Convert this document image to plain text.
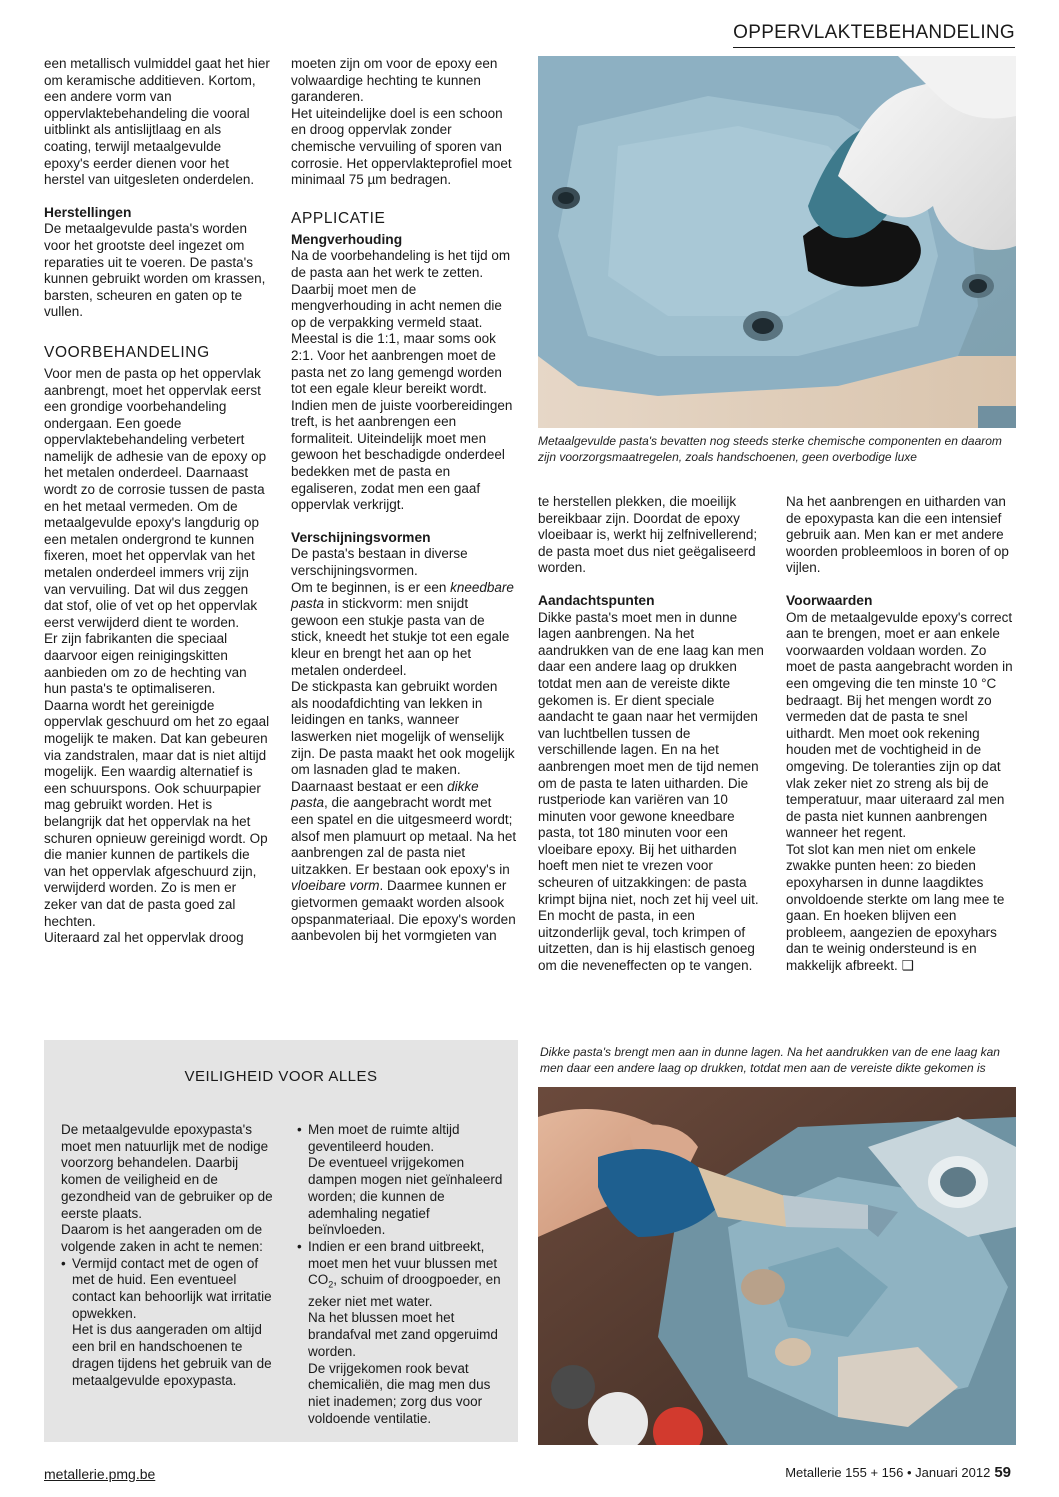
OPPERVLAKTEBEHANDELING

een metallisch vulmiddel gaat het hier om keramische additieven. Kortom, een andere vorm van oppervlaktebehandeling die vooral uitblinkt als antislijtlaag en als coating, terwijl metaalgevulde epoxy's eerder dienen voor het herstel van uitgesleten onderdelen.

Herstellingen

De metaalgevulde pasta's worden voor het grootste deel ingezet om reparaties uit te voeren. De pasta's kunnen gebruikt worden om krassen, barsten, scheuren en gaten op te vullen.

VOORBEHANDELING

Voor men de pasta op het oppervlak aanbrengt, moet het oppervlak eerst een grondige voorbehandeling ondergaan. Een goede oppervlaktebehandeling verbetert namelijk de adhesie van de epoxy op het metalen onderdeel. Daarnaast wordt zo de corrosie tussen de pasta en het metaal vermeden. Om de metaalgevulde epoxy's langdurig op een metalen ondergrond te kunnen fixeren, moet het oppervlak van het metalen onderdeel immers vrij zijn van vervuiling. Dat wil dus zeggen dat stof, olie of vet op het oppervlak eerst verwijderd dient te worden.

Er zijn fabrikanten die speciaal daarvoor eigen reinigingskitten aanbieden om zo de hechting van hun pasta's te optimaliseren.

Daarna wordt het gereinigde oppervlak geschuurd om het zo egaal mogelijk te maken. Dat kan gebeuren via zandstralen, maar dat is niet altijd mogelijk. Een waardig alternatief is een schuurspons. Ook schuurpapier mag gebruikt worden. Het is belangrijk dat het oppervlak na het schuren opnieuw gereinigd wordt. Op die manier kunnen de partikels die van het oppervlak afgeschuurd zijn, verwijderd worden. Zo is men er zeker van dat de pasta goed zal hechten.

Uiteraard zal het oppervlak droog

moeten zijn om voor de epoxy een volwaardige hechting te kunnen garanderen.

Het uiteindelijke doel is een schoon en droog oppervlak zonder chemische vervuiling of sporen van corrosie. Het oppervlakteprofiel moet minimaal 75 µm bedragen.

APPLICATIE
Mengverhouding

Na de voorbehandeling is het tijd om de pasta aan het werk te zetten. Daarbij moet men de mengverhouding in acht nemen die op de verpakking vermeld staat. Meestal is die 1:1, maar soms ook 2:1. Voor het aanbrengen moet de pasta net zo lang gemengd worden tot een egale kleur bereikt wordt.

Indien men de juiste voorbereidingen treft, is het aanbrengen een formaliteit. Uiteindelijk moet men gewoon het beschadigde onderdeel bedekken met de pasta en egaliseren, zodat men een gaaf oppervlak verkrijgt.

Verschijningsvormen

De pasta's bestaan in diverse verschijningsvormen.

Om te beginnen, is er een kneedbare pasta in stickvorm: men snijdt gewoon een stukje pasta van de stick, kneedt het stukje tot een egale kleur en brengt het aan op het metalen onderdeel.

De stickpasta kan gebruikt worden als noodafdichting van lekken in leidingen en tanks, wanneer laswerken niet mogelijk of wenselijk zijn. De pasta maakt het ook mogelijk om lasnaden glad te maken. Daarnaast bestaat er een dikke pasta, die aangebracht wordt met een spatel en die uitgesmeerd wordt; alsof men plamuurt op metaal. Na het aanbrengen zal de pasta niet uitzakken. Er bestaan ook epoxy's in vloeibare vorm. Daarmee kunnen er gietvormen gemaakt worden alsook opspanmateriaal. Die epoxy's worden aanbevolen bij het vormgieten van

Metaalgevulde pasta's bevatten nog steeds sterke chemische componenten en daarom zijn voorzorgsmaatregelen, zoals handschoenen, geen overbodige luxe

te herstellen plekken, die moeilijk bereikbaar zijn. Doordat de epoxy vloeibaar is, werkt hij zelfnivellerend; de pasta moet dus niet geëgaliseerd worden.

Aandachtspunten

Dikke pasta's moet men in dunne lagen aanbrengen. Na het aandrukken van de ene laag kan men daar een andere laag op drukken totdat men aan de vereiste dikte gekomen is. Er dient speciale aandacht te gaan naar het vermijden van luchtbellen tussen de verschillende lagen. En na het aanbrengen moet men de tijd nemen om de pasta te laten uitharden. Die rustperiode kan variëren van 10 minuten voor gewone kneedbare pasta, tot 180 minuten voor een vloeibare epoxy. Bij het uitharden hoeft men niet te vrezen voor scheuren of uitzakkingen: de pasta krimpt bijna niet, noch zet hij veel uit. En mocht de pasta, in een uitzonderlijk geval, toch krimpen of uitzetten, dan is hij elastisch genoeg om die neveneffecten op te vangen.

Na het aanbrengen en uitharden van de epoxypasta kan die een intensief gebruik aan. Men kan er met andere woorden probleemloos in boren of op vijlen.

Voorwaarden

Om de metaalgevulde epoxy's correct aan te brengen, moet er aan enkele voorwaarden voldaan worden. Zo moet de pasta aangebracht worden in een omgeving die ten minste 10 °C bedraagt. Bij het mengen wordt zo vermeden dat de pasta te snel uithardt. Men moet ook rekening houden met de vochtigheid in de omgeving. De toleranties zijn op dat vlak zeker niet zo streng als bij de temperatuur, maar uiteraard zal men de pasta niet kunnen aanbrengen wanneer het regent.

Tot slot kan men niet om enkele zwakke punten heen: zo bieden epoxyharsen in dunne laagdiktes onvoldoende sterkte om lang mee te gaan. En hoeken blijven een probleem, aangezien de epoxyhars dan te weinig ondersteund is en makkelijk afbreekt. ❑

VEILIGHEID VOOR ALLES

De metaalgevulde epoxypasta's moet men natuurlijk met de nodige voorzorg behandelen. Daarbij komen de veiligheid en de gezondheid van de gebruiker op de eerste plaats.

Daarom is het aangeraden om de volgende zaken in acht te nemen:

• Vermijd contact met de ogen of met de huid. Een eventueel contact kan behoorlijk wat irritatie opwekken.

Het is dus aangeraden om altijd een bril en handschoenen te dragen tijdens het gebruik van de metaalgevulde epoxypasta.

• Men moet de ruimte altijd geventileerd houden.

De eventueel vrijgekomen dampen mogen niet geïnhaleerd worden; die kunnen de ademhaling negatief beïnvloeden.

• Indien er een brand uitbreekt, moet men het vuur blussen met $CO_2$, schuim of droogpoeder, en zeker niet met water.

Na het blussen moet het brandafval met zand opgeruimd worden.

De vrijgekomen rook bevat chemicaliën, die mag men dus niet inademen; zorg dus voor voldoende ventilatie.

Dikke pasta's brengt men aan in dunne lagen. Na het aandrukken van de ene laag kan men daar een andere laag op drukken, totdat men aan de vereiste dikte gekomen is
metallerie.pmg.be	Metallerie 155 + 156 • Januari 2012 59
